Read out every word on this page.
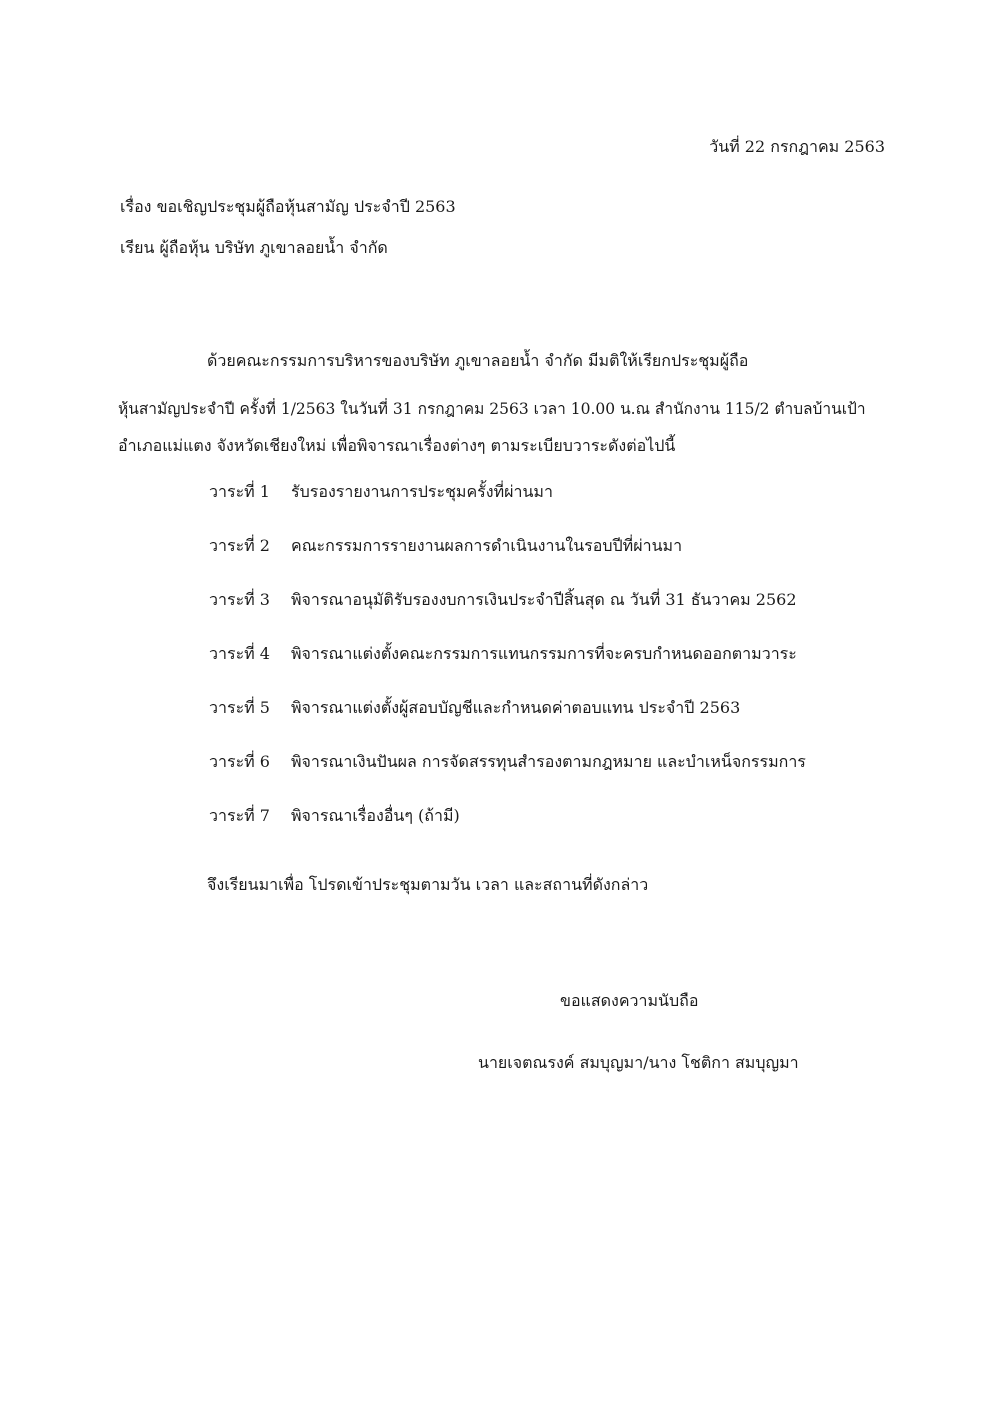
วันที่ 22 กรกฎาคม 2563
เรื่อง ขอเชิญประชุมผู้ถือหุ้นสามัญ ประจำปี 2563
เรียน ผู้ถือหุ้น บริษัท ภูเขาลอยน้ำ จำกัด
ด้วยคณะกรรมการบริหารของบริษัท ภูเขาลอยน้ำ จำกัด มีมติให้เรียกประชุมผู้ถือ
หุ้นสามัญประจำปี ครั้งที่ 1/2563 ในวันที่ 31 กรกฎาคม 2563 เวลา 10.00 น.ณ สำนักงาน 115/2 ตำบลบ้านเป้า
อำเภอแม่แตง จังหวัดเชียงใหม่ เพื่อพิจารณาเรื่องต่างๆ ตามระเบียบวาระดังต่อไปนี้
วาระที่ 1 รับรองรายงานการประชุมครั้งที่ผ่านมา
วาระที่ 2 คณะกรรมการรายงานผลการดำเนินงานในรอบปีที่ผ่านมา
วาระที่ 3 พิจารณาอนุมัติรับรองงบการเงินประจำปีสิ้นสุด ณ วันที่ 31 ธันวาคม 2562
วาระที่ 4 พิจารณาแต่งตั้งคณะกรรมการแทนกรรมการที่จะครบกำหนดออกตามวาระ
วาระที่ 5 พิจารณาแต่งตั้งผู้สอบบัญชีและกำหนดค่าตอบแทน ประจำปี 2563
วาระที่ 6 พิจารณาเงินปันผล การจัดสรรทุนสำรองตามกฎหมาย และบำเหน็จกรรมการ
วาระที่ 7 พิจารณาเรื่องอื่นๆ (ถ้ามี)
จึงเรียนมาเพื่อ โปรดเข้าประชุมตามวัน เวลา และสถานที่ดังกล่าว
ขอแสดงความนับถือ
นายเจตณรงค์ สมบุญมา/นาง โชติกา สมบุญมา
